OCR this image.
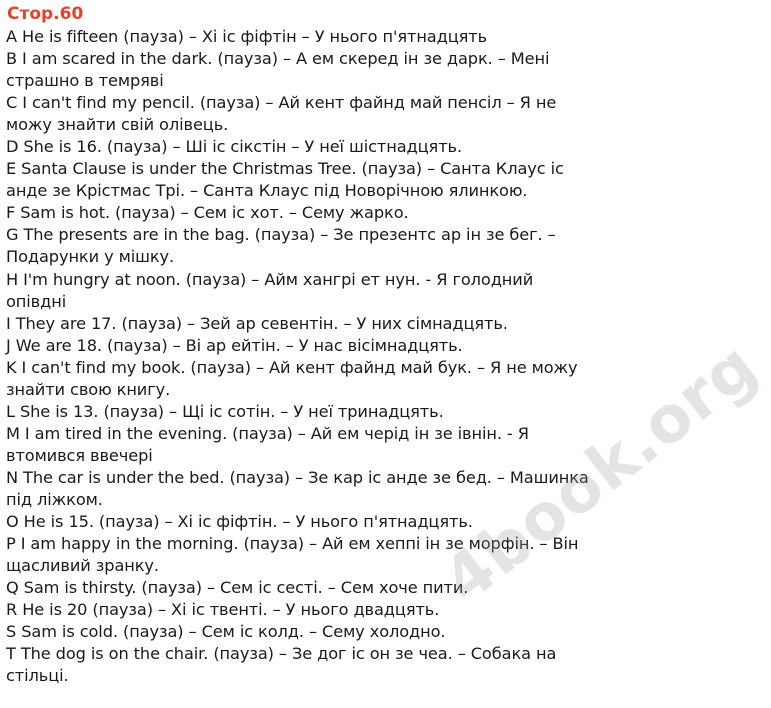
Стор.60
A He is fifteen (пауза) – Хі іс фіфтін – У нього п'ятнадцять
B I am scared in the dark. (пауза) – А ем скеред ін зе дарк. – Мені
страшно в темряві
C I can't find my pencil. (пауза) – Ай кент файнд май пенсіл – Я не
можу знайти свій олівець.
D She is 16. (пауза) – Ші іс сікстін – У неї шістнадцять.
E Santa Clause is under the Christmas Tree. (пауза) – Санта Клаус іс
анде зе Крістмас Трі. – Санта Клаус під Новорічною ялинкою.
F Sam is hot. (пауза) – Сем іс хот. – Сему жарко.
G The presents are in the bag. (пауза) – Зе презентс ар ін зе бег. –
Подарунки у мішку.
H I'm hungry at noon. (пауза) – Айм хангрі ет нун. - Я голодний
опівдні
I They are 17. (пауза) – Зей ар севентін. – У них сімнадцять.
J We are 18. (пауза) – Ві ар ейтін. – У нас вісімнадцять.
K I can't find my book. (пауза) – Ай кент файнд май бук. – Я не можу
знайти свою книгу.
L She is 13. (пауза) – Щі іс сотін. – У неї тринадцять.
M I am tired in the evening. (пауза) – Ай ем черід ін зе івнін. - Я
втомився ввечері
N The car is under the bed. (пауза) – Зе кар іс анде зе бед. – Машинка
під ліжком.
O He is 15. (пауза) – Хі іс фіфтін. – У нього п'ятнадцять.
P I am happy in the morning. (пауза) – Ай ем хеппі ін зе морфін. – Він
щасливий зранку.
Q Sam is thirsty. (пауза) – Сем іс сесті. – Сем хоче пити.
R He is 20 (пауза) – Хі іс твенті. – У нього двадцять.
S Sam is cold. (пауза) – Сем іс колд. – Сему холодно.
T The dog is on the chair. (пауза) – Зе дог іс он зе чеа. – Собака на
стільці.
4book.org
